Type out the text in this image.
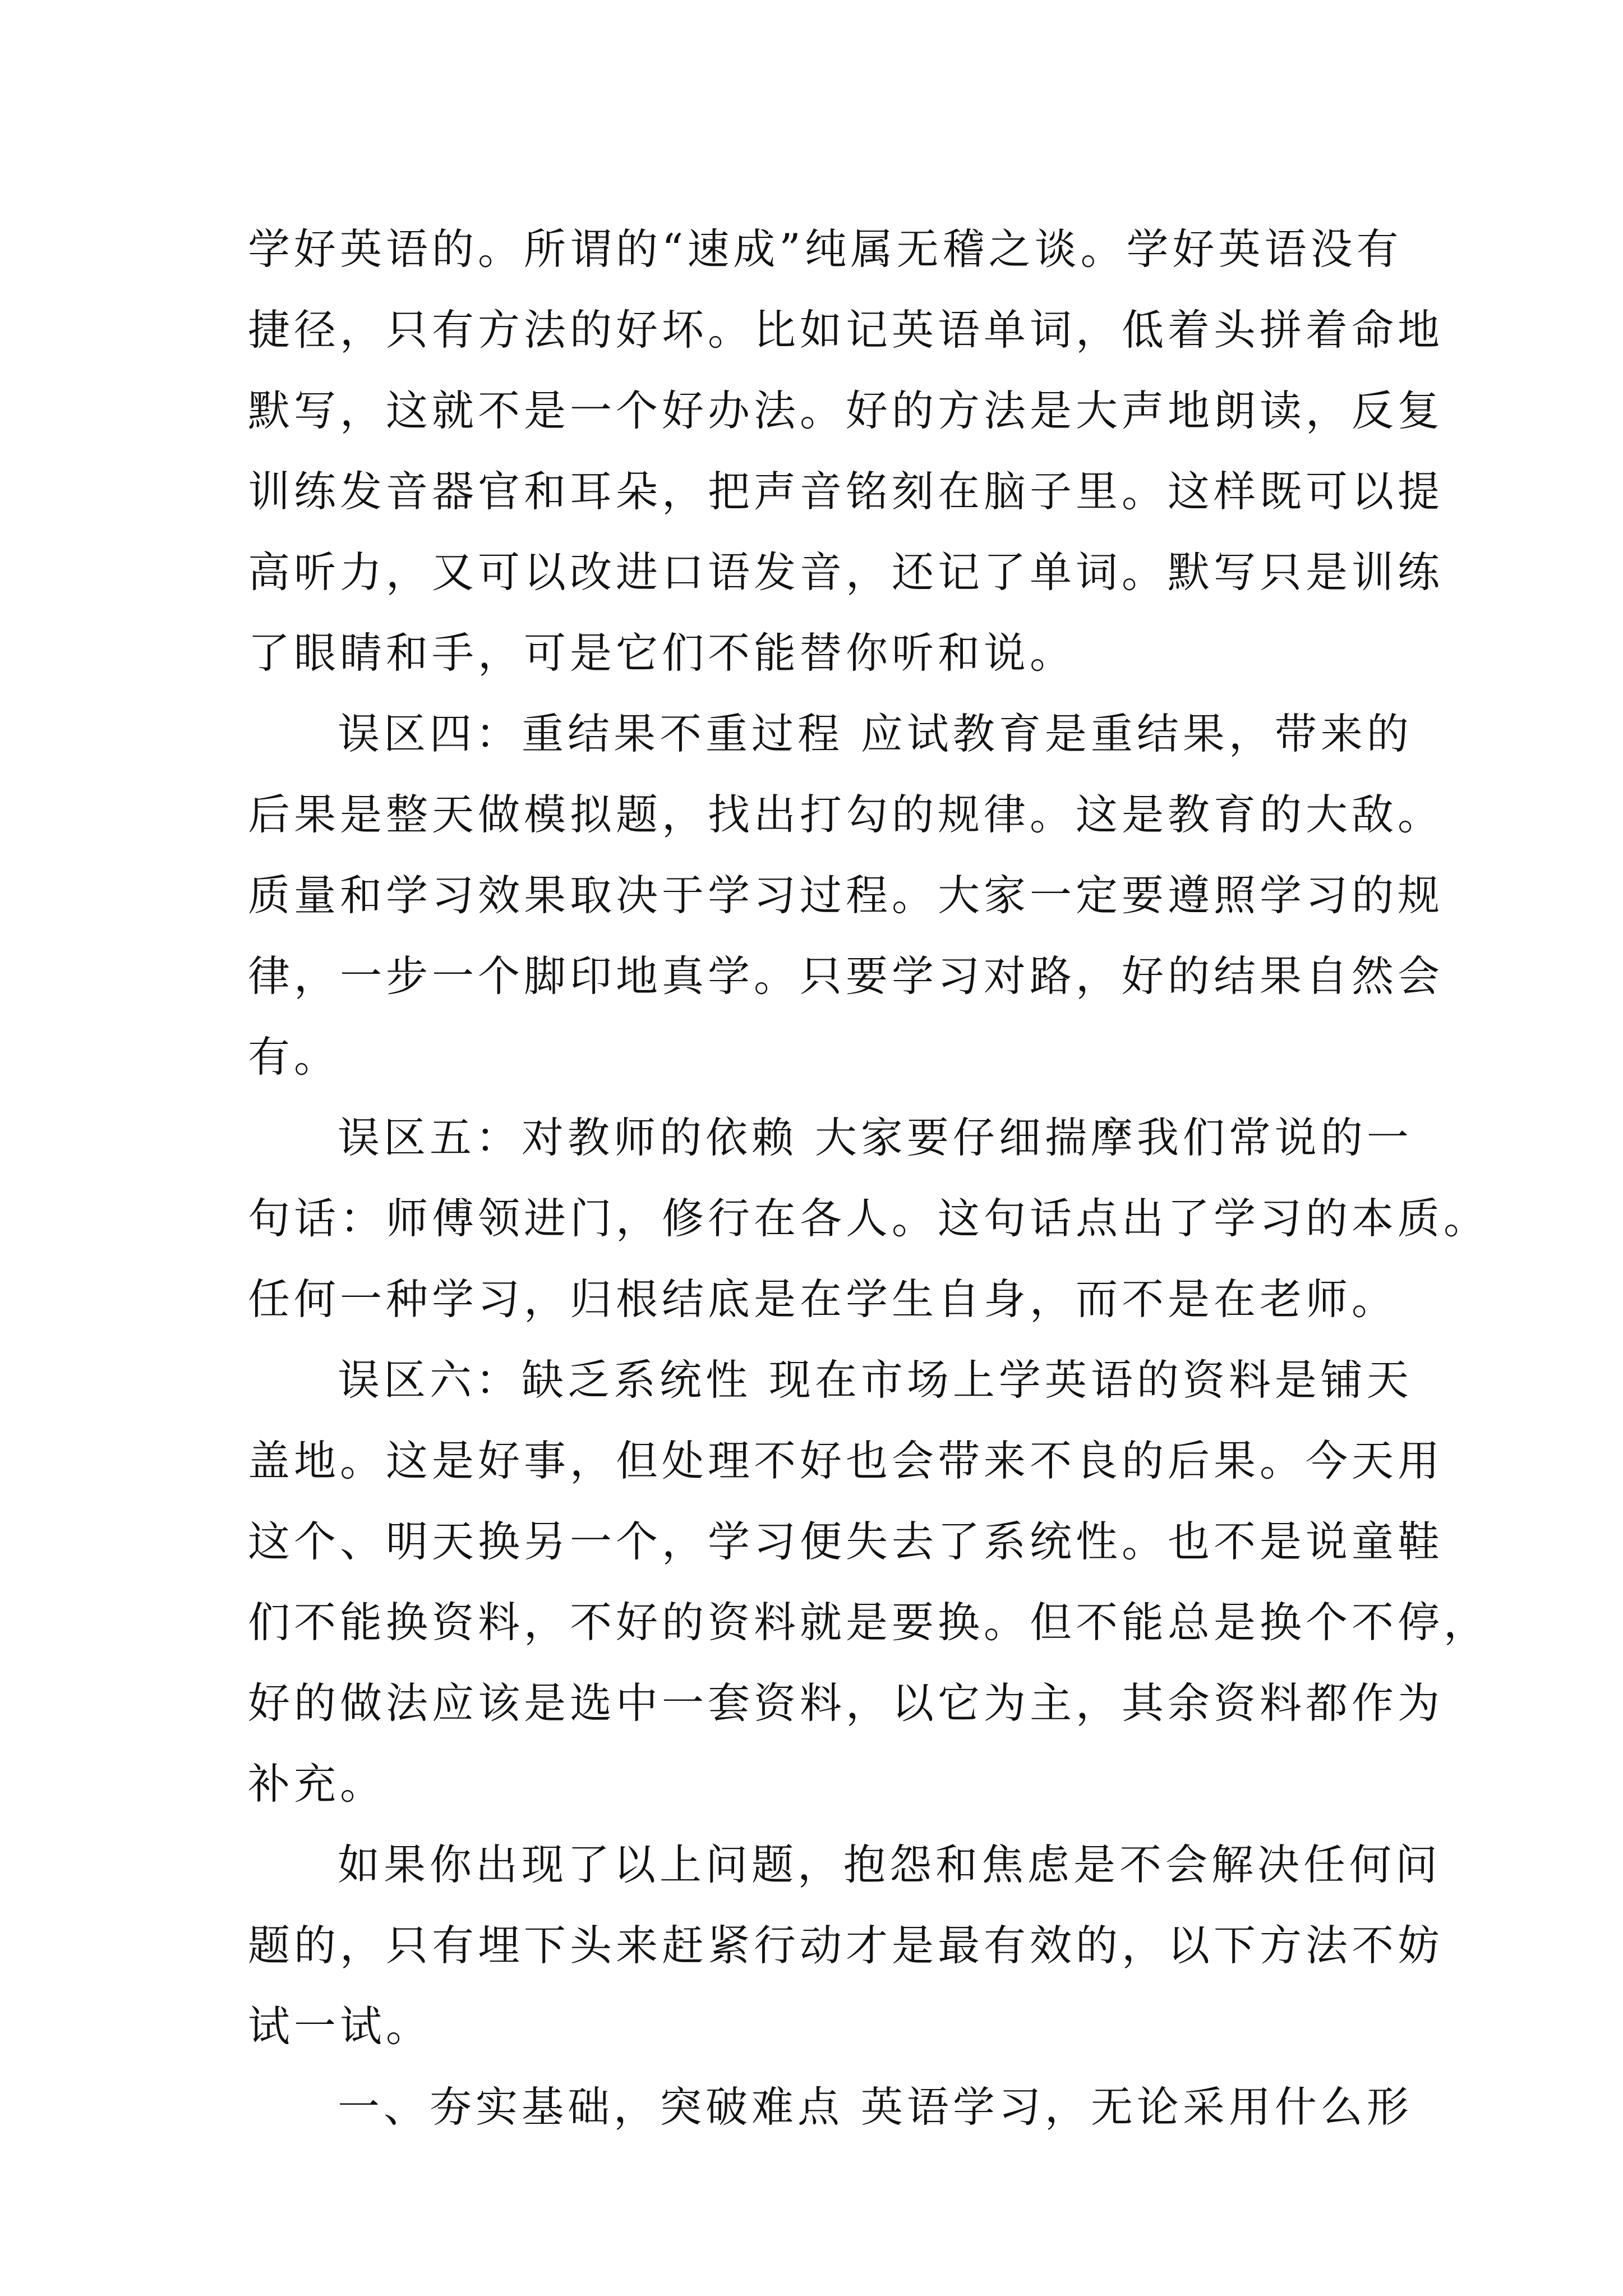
学好英语的。所谓的“速成”纯属无稽之谈。学好英语没有
捷径，只有方法的好坏。比如记英语单词，低着头拼着命地
默写，这就不是一个好办法。好的方法是大声地朗读，反复
训练发音器官和耳朵，把声音铭刻在脑子里。这样既可以提
高听力，又可以改进口语发音，还记了单词。默写只是训练
了眼睛和手，可是它们不能替你听和说。
误区四：重结果不重过程 应试教育是重结果，带来的
后果是整天做模拟题，找出打勾的规律。这是教育的大敌。
质量和学习效果取决于学习过程。大家一定要遵照学习的规
律，一步一个脚印地真学。只要学习对路，好的结果自然会
有。
误区五：对教师的依赖 大家要仔细揣摩我们常说的一
句话：师傅领进门，修行在各人。这句话点出了学习的本质。
任何一种学习，归根结底是在学生自身，而不是在老师。
误区六：缺乏系统性 现在市场上学英语的资料是铺天
盖地。这是好事，但处理不好也会带来不良的后果。今天用
这个、明天换另一个，学习便失去了系统性。也不是说童鞋
们不能换资料，不好的资料就是要换。但不能总是换个不停，
好的做法应该是选中一套资料，以它为主，其余资料都作为
补充。
如果你出现了以上问题，抱怨和焦虑是不会解决任何问
题的，只有埋下头来赶紧行动才是最有效的，以下方法不妨
试一试。
一、夯实基础，突破难点 英语学习，无论采用什么形
